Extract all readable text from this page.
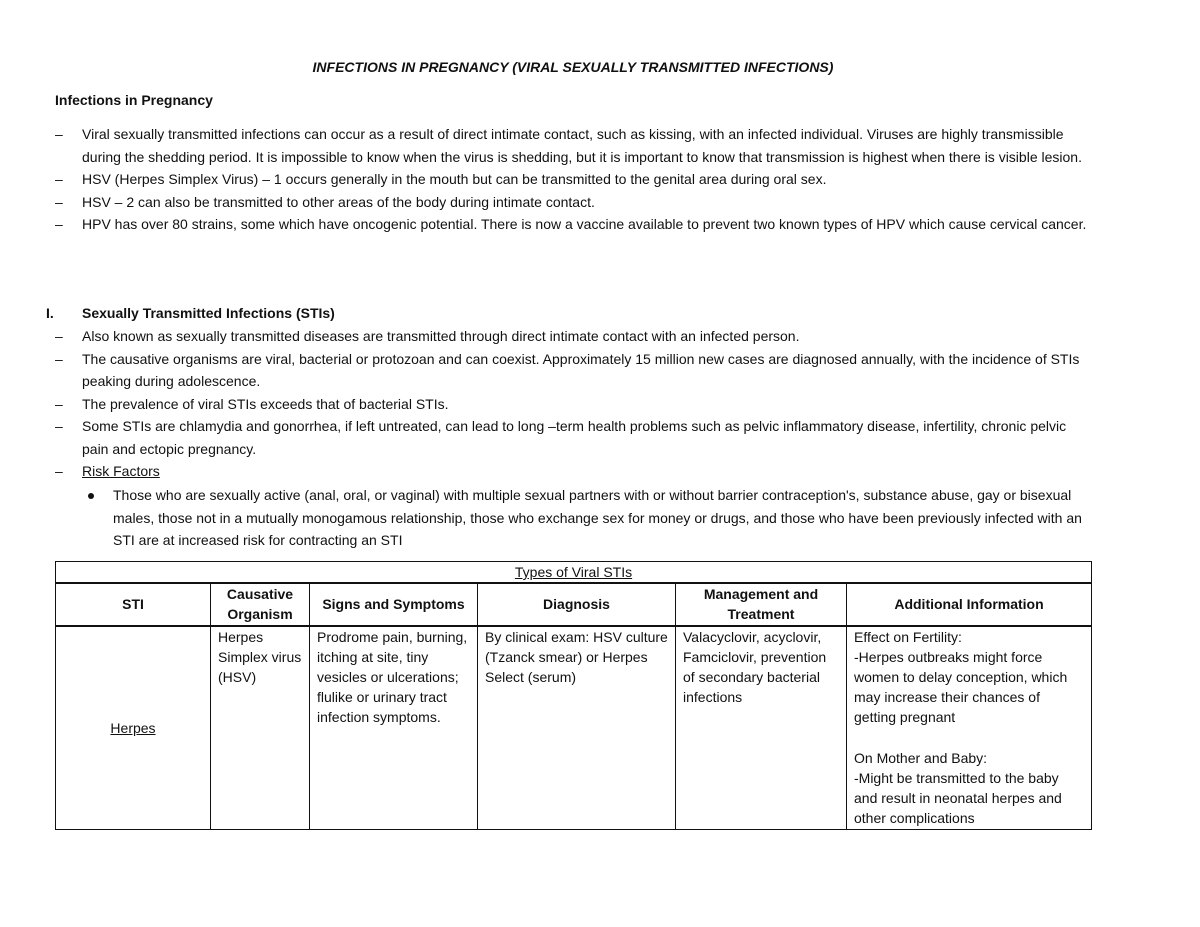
INFECTIONS IN PREGNANCY (VIRAL SEXUALLY TRANSMITTED INFECTIONS)
Infections in Pregnancy
–	Viral sexually transmitted infections can occur as a result of direct intimate contact, such as kissing, with an infected individual. Viruses are highly transmissible during the shedding period. It is impossible to know when the virus is shedding, but it is important to know that transmission is highest when there is visible lesion.
–	HSV (Herpes Simplex Virus) – 1 occurs generally in the mouth but can be transmitted to the genital area during oral sex.
–	HSV – 2 can also be transmitted to other areas of the body during intimate contact.
–	HPV has over 80 strains, some which have oncogenic potential. There is now a vaccine available to prevent two known types of HPV which cause cervical cancer.
I. Sexually Transmitted Infections (STIs)
–	Also known as sexually transmitted diseases are transmitted through direct intimate contact with an infected person.
–	The causative organisms are viral, bacterial or protozoan and can coexist. Approximately 15 million new cases are diagnosed annually, with the incidence of STIs peaking during adolescence.
–	The prevalence of viral STIs exceeds that of bacterial STIs.
–	Some STIs are chlamydia and gonorrhea, if left untreated, can lead to long –term health problems such as pelvic inflammatory disease, infertility, chronic pelvic pain and ectopic pregnancy.
–	Risk Factors
Those who are sexually active (anal, oral, or vaginal) with multiple sexual partners with or without barrier contraception's, substance abuse, gay or bisexual males, those not in a mutually monogamous relationship, those who exchange sex for money or drugs, and those who have been previously infected with an STI are at increased risk for contracting an STI
Types of Viral STIs					
STI	Causative Organism	Signs and Symptoms	Diagnosis	Management and Treatment	Additional Information
Herpes	Herpes Simplex virus (HSV)	Prodrome pain, burning, itching at site, tiny vesicles or ulcerations; flulike or urinary tract infection symptoms.	By clinical exam: HSV culture (Tzanck smear) or Herpes Select (serum)	Valacyclovir, acyclovir, Famciclovir, prevention of secondary bacterial infections	Effect on Fertility:
-Herpes outbreaks might force women to delay conception, which may increase their chances of getting pregnant

On Mother and Baby:
-Might be transmitted to the baby and result in neonatal herpes and other complications
